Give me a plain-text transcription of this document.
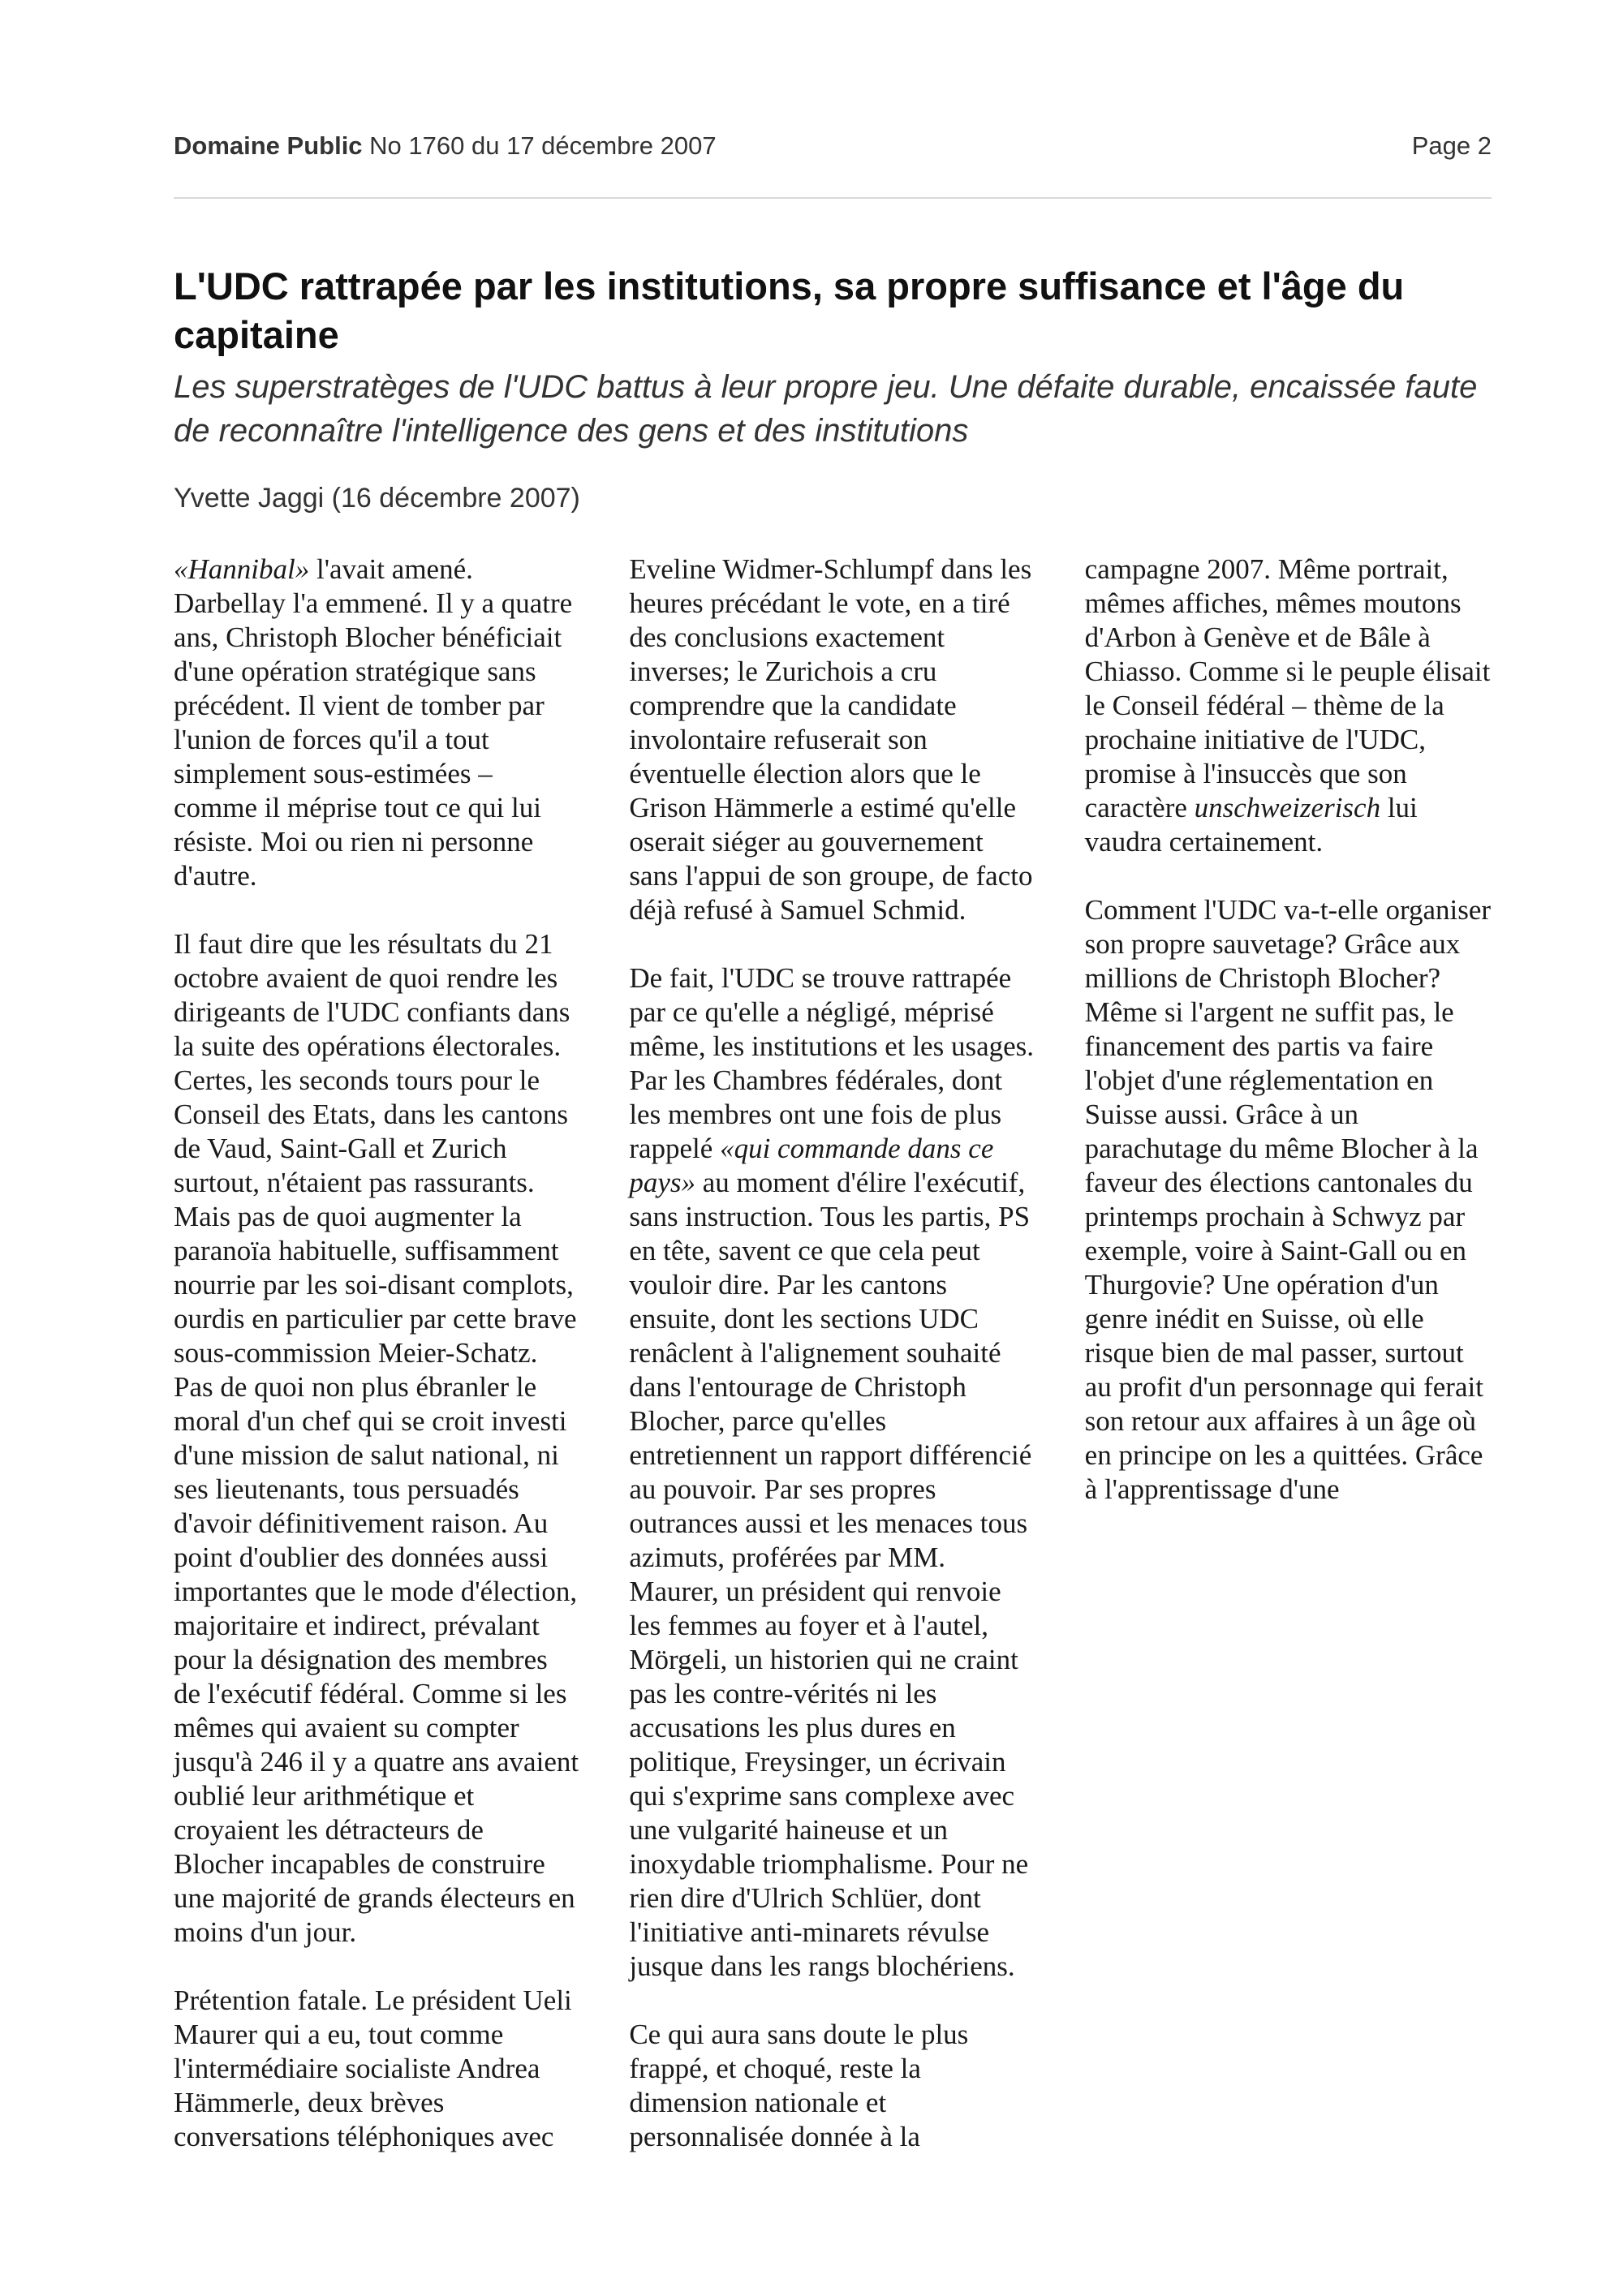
Domaine Public No 1760 du 17 décembre 2007	Page 2
L'UDC rattrapée par les institutions, sa propre suffisance et l'âge du capitaine

Les superstratèges de l'UDC battus à leur propre jeu. Une défaite durable, encaissée faute de reconnaître l'intelligence des gens et des institutions

Yvette Jaggi (16 décembre 2007)

«Hannibal» l'avait amené. Darbellay l'a emmené. Il y a quatre ans, Christoph Blocher bénéficiait d'une opération stratégique sans précédent. Il vient de tomber par l'union de forces qu'il a tout simplement sous-estimées – comme il méprise tout ce qui lui résiste. Moi ou rien ni personne d'autre.

Il faut dire que les résultats du 21 octobre avaient de quoi rendre les dirigeants de l'UDC confiants dans la suite des opérations électorales. Certes, les seconds tours pour le Conseil des Etats, dans les cantons de Vaud, Saint-Gall et Zurich surtout, n'étaient pas rassurants. Mais pas de quoi augmenter la paranoïa habituelle, suffisamment nourrie par les soi-disant complots, ourdis en particulier par cette brave sous-commission Meier-Schatz. Pas de quoi non plus ébranler le moral d'un chef qui se croit investi d'une mission de salut national, ni ses lieutenants, tous persuadés d'avoir définitivement raison. Au point d'oublier des données aussi importantes que le mode d'élection, majoritaire et indirect, prévalant pour la désignation des membres de l'exécutif fédéral. Comme si les mêmes qui avaient su compter jusqu'à 246 il y a quatre ans avaient oublié leur arithmétique et croyaient les détracteurs de Blocher incapables de construire une majorité de grands électeurs en moins d'un jour.

Prétention fatale. Le président Ueli Maurer qui a eu, tout comme l'intermédiaire socialiste Andrea Hämmerle, deux brèves conversations téléphoniques avec Eveline Widmer-Schlumpf dans les heures précédant le vote, en a tiré des conclusions exactement inverses; le Zurichois a cru comprendre que la candidate involontaire refuserait son éventuelle élection alors que le Grison Hämmerle a estimé qu'elle oserait siéger au gouvernement sans l'appui de son groupe, de facto déjà refusé à Samuel Schmid.

De fait, l'UDC se trouve rattrapée par ce qu'elle a négligé, méprisé même, les institutions et les usages. Par les Chambres fédérales, dont les membres ont une fois de plus rappelé «qui commande dans ce pays» au moment d'élire l'exécutif, sans instruction. Tous les partis, PS en tête, savent ce que cela peut vouloir dire. Par les cantons ensuite, dont les sections UDC renâclent à l'alignement souhaité dans l'entourage de Christoph Blocher, parce qu'elles entretiennent un rapport différencié au pouvoir. Par ses propres outrances aussi et les menaces tous azimuts, proférées par MM. Maurer, un président qui renvoie les femmes au foyer et à l'autel, Mörgeli, un historien qui ne craint pas les contre-vérités ni les accusations les plus dures en politique, Freysinger, un écrivain qui s'exprime sans complexe avec une vulgarité haineuse et un inoxydable triomphalisme. Pour ne rien dire d'Ulrich Schlüer, dont l'initiative anti-minarets révulse jusque dans les rangs blochériens.

Ce qui aura sans doute le plus frappé, et choqué, reste la dimension nationale et personnalisée donnée à la campagne 2007. Même portrait, mêmes affiches, mêmes moutons d'Arbon à Genève et de Bâle à Chiasso. Comme si le peuple élisait le Conseil fédéral – thème de la prochaine initiative de l'UDC, promise à l'insuccès que son caractère unschweizerisch lui vaudra certainement.

Comment l'UDC va-t-elle organiser son propre sauvetage? Grâce aux millions de Christoph Blocher? Même si l'argent ne suffit pas, le financement des partis va faire l'objet d'une réglementation en Suisse aussi. Grâce à un parachutage du même Blocher à la faveur des élections cantonales du printemps prochain à Schwyz par exemple, voire à Saint-Gall ou en Thurgovie? Une opération d'un genre inédit en Suisse, où elle risque bien de mal passer, surtout au profit d'un personnage qui ferait son retour aux affaires à un âge où en principe on les a quittées. Grâce à l'apprentissage d'une
